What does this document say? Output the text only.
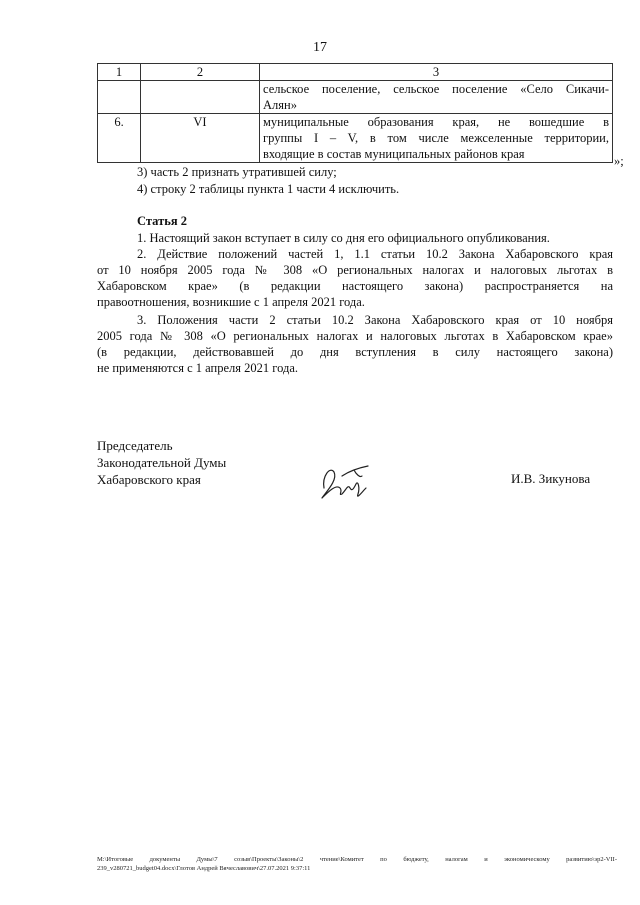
17
1	2	3

		сельское поселение, сельское поселение «Село Сикачи-
Алян»

6.	VI	муниципальные образования края, не вошедшие в
группы I – V, в том числе межселенные территории,
входящие в состав муниципальных районов края	»;
3) часть 2 признать утратившей силу;
4) строку 2 таблицы пункта 1 части 4 исключить.
Статья 2
1. Настоящий закон вступает в силу со дня его официального опубликования.
2. Действие положений частей 1, 1.1 статьи 10.2 Закона Хабаровского края
от 10 ноября 2005 года № 308 «О региональных налогах и налоговых льготах в
Хабаровском крае» (в редакции настоящего закона) распространяется на
правоотношения, возникшие с 1 апреля 2021 года.
3. Положения части 2 статьи 10.2 Закона Хабаровского края от 10 ноября
2005 года № 308 «О региональных налогах и налоговых льготах в Хабаровском крае»
(в редакции, действовавшей до дня вступления в силу настоящего закона)
не применяются с 1 апреля 2021 года.
Председатель
Законодательной Думы
Хабаровского края	И.В. Зикунова
М:\Итоговые документы Думы\7 созыв\Проекты\Законы\2 чтение\Комитет по бюджету, налогам и экономическому развитию\эр2-VII-
239_v280721_budget04.docx\Глотов Андрей Вячеславович\27.07.2021 9:37:11
